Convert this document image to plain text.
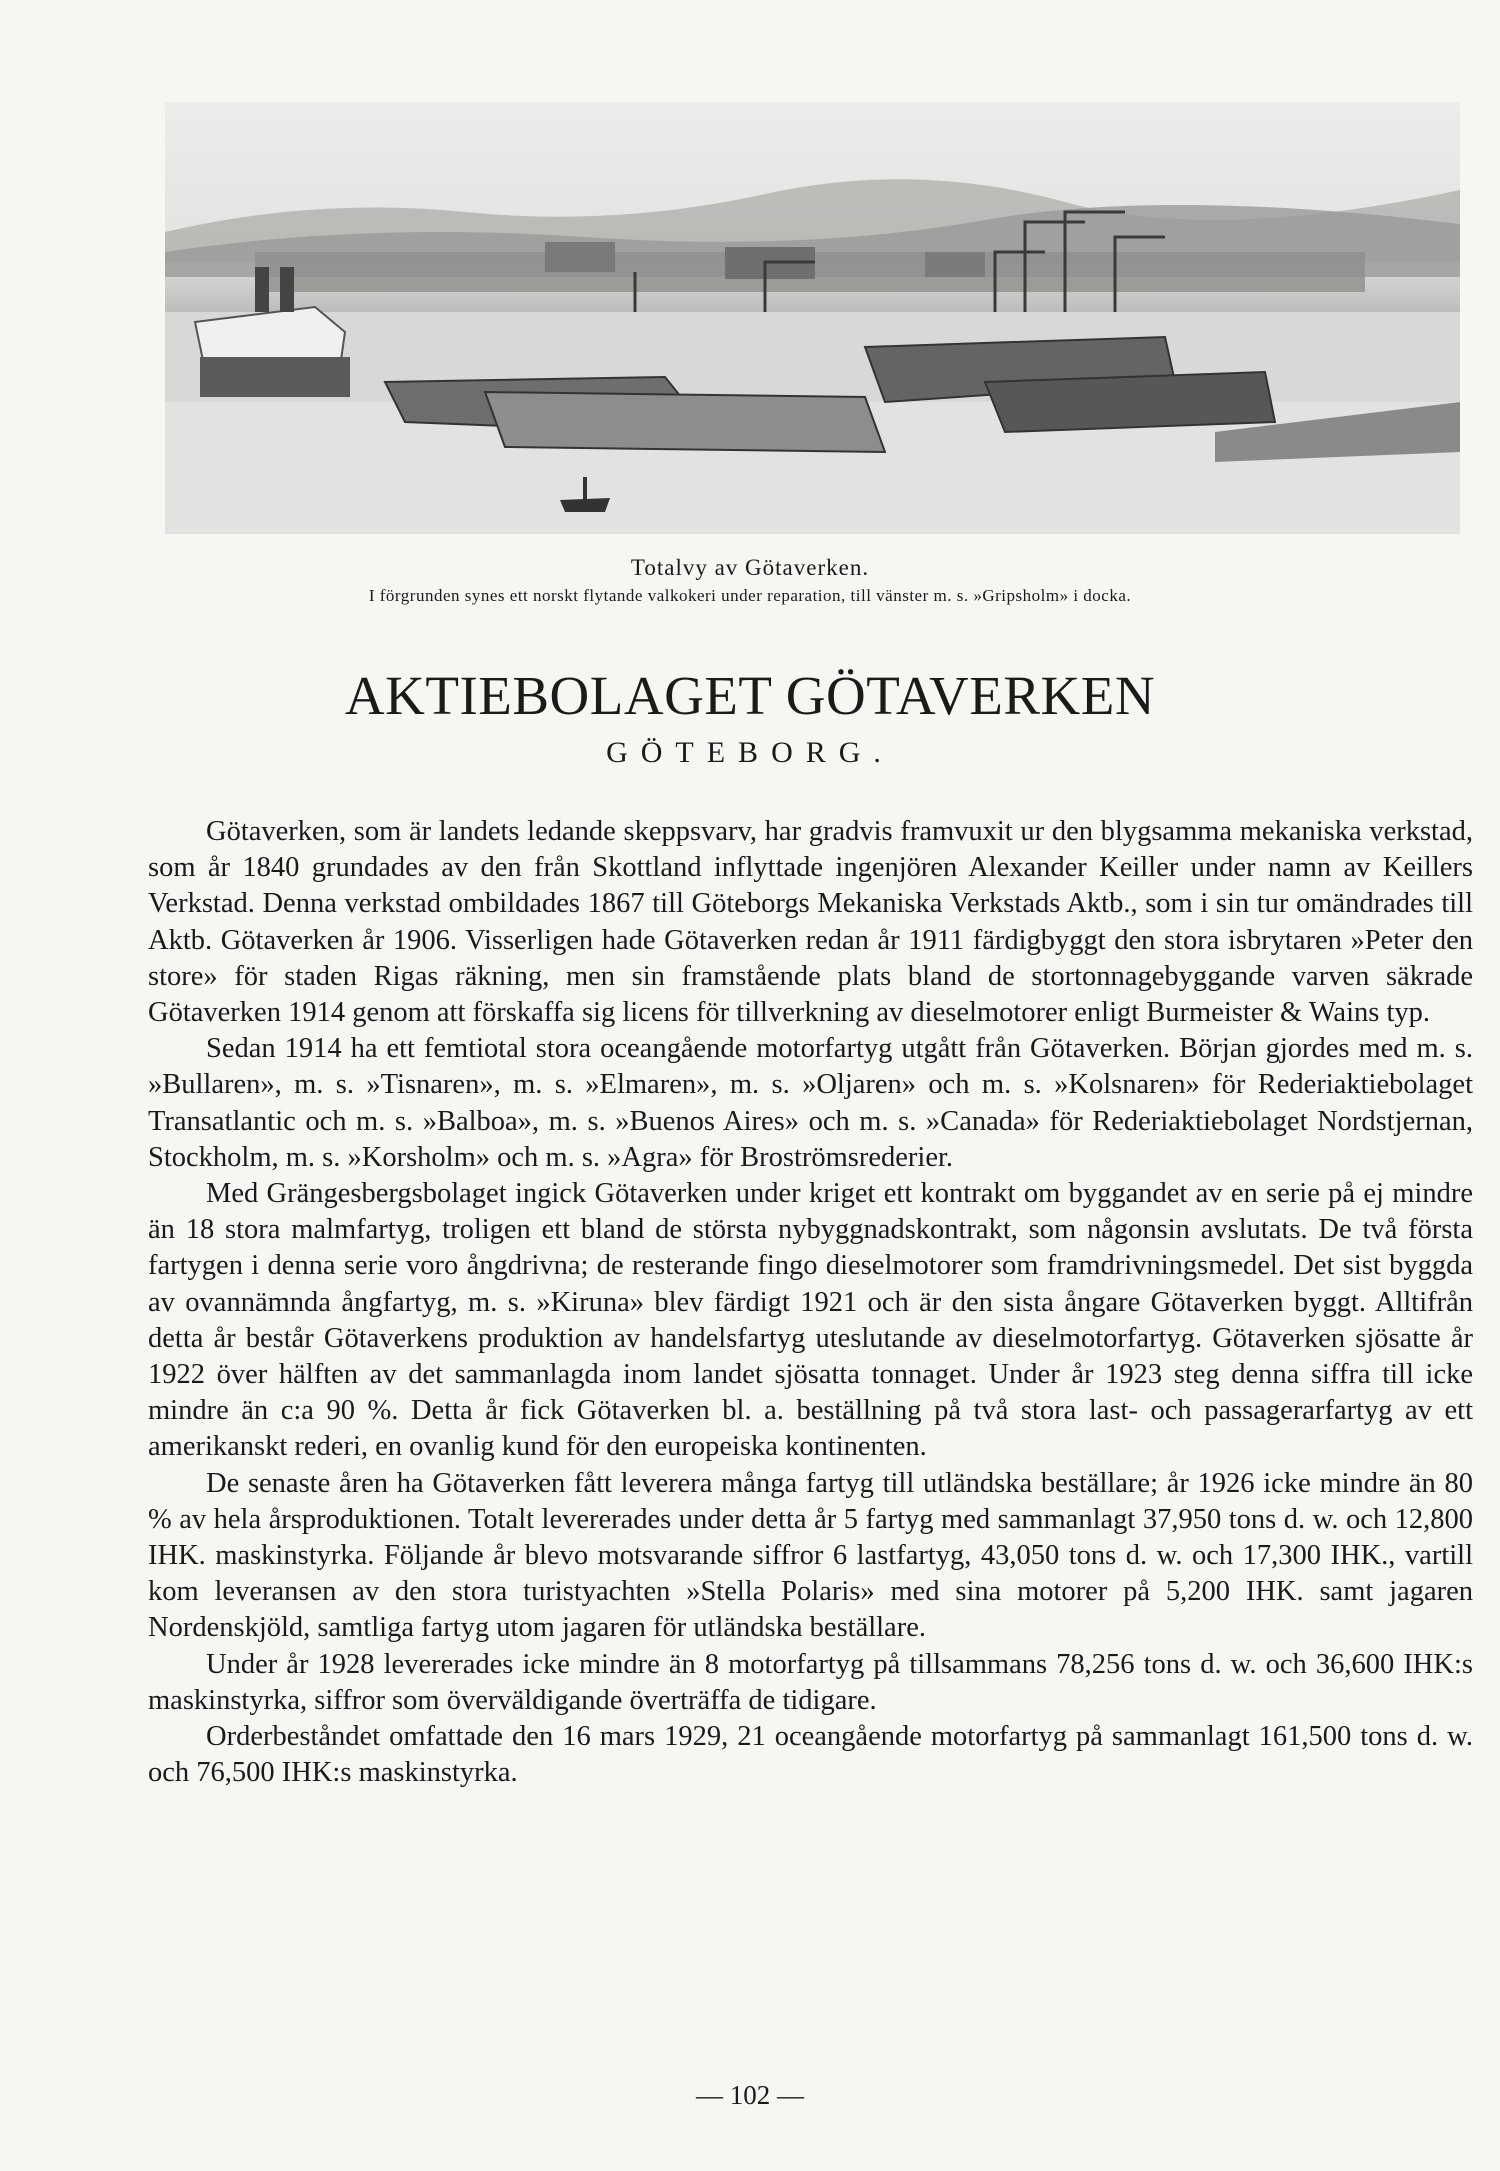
Totalvy av Götaverken.
I förgrunden synes ett norskt flytande valkokeri under reparation, till vänster m. s. »Gripsholm» i docka.
AKTIEBOLAGET GÖTAVERKEN
GÖTEBORG.

Götaverken, som är landets ledande skeppsvarv, har gradvis framvuxit ur den blygsamma mekaniska verkstad, som år 1840 grundades av den från Skottland inflyttade ingenjören Alexander Keiller under namn av Keillers Verkstad. Denna verkstad ombildades 1867 till Göteborgs Mekaniska Verkstads Aktb., som i sin tur omändrades till Aktb. Götaverken år 1906. Visserligen hade Götaverken redan år 1911 färdigbyggt den stora isbrytaren »Peter den store» för staden Rigas räkning, men sin framstående plats bland de stortonnagebyggande varven säkrade Götaverken 1914 genom att förskaffa sig licens för tillverkning av dieselmotorer enligt Burmeister & Wains typ.

Sedan 1914 ha ett femtiotal stora oceangående motorfartyg utgått från Götaverken. Början gjordes med m. s. »Bullaren», m. s. »Tisnaren», m. s. »Elmaren», m. s. »Oljaren» och m. s. »Kolsnaren» för Rederiaktiebolaget Transatlantic och m. s. »Balboa», m. s. »Buenos Aires» och m. s. »Canada» för Rederiaktiebolaget Nordstjernan, Stockholm, m. s. »Korsholm» och m. s. »Agra» för Broströmsrederier.

Med Grängesbergsbolaget ingick Götaverken under kriget ett kontrakt om byggandet av en serie på ej mindre än 18 stora malmfartyg, troligen ett bland de största nybyggnadskontrakt, som någonsin avslutats. De två första fartygen i denna serie voro ångdrivna; de resterande fingo dieselmotorer som framdrivningsmedel. Det sist byggda av ovannämnda ångfartyg, m. s. »Kiruna» blev färdigt 1921 och är den sista ångare Götaverken byggt. Alltifrån detta år består Götaverkens produktion av handelsfartyg uteslutande av dieselmotorfartyg. Götaverken sjösatte år 1922 över hälften av det sammanlagda inom landet sjösatta tonnaget. Under år 1923 steg denna siffra till icke mindre än c:a 90 %. Detta år fick Götaverken bl. a. beställning på två stora last- och passagerarfartyg av ett amerikanskt rederi, en ovanlig kund för den europeiska kontinenten.

De senaste åren ha Götaverken fått leverera många fartyg till utländska beställare; år 1926 icke mindre än 80 % av hela årsproduktionen. Totalt levererades under detta år 5 fartyg med sammanlagt 37,950 tons d. w. och 12,800 IHK. maskinstyrka. Följande år blevo motsvarande siffror 6 lastfartyg, 43,050 tons d. w. och 17,300 IHK., vartill kom leveransen av den stora turistyachten »Stella Polaris» med sina motorer på 5,200 IHK. samt jagaren Nordenskjöld, samtliga fartyg utom jagaren för utländska beställare.

Under år 1928 levererades icke mindre än 8 motorfartyg på tillsammans 78,256 tons d. w. och 36,600 IHK:s maskinstyrka, siffror som överväldigande överträffa de tidigare.

Orderbeståndet omfattade den 16 mars 1929, 21 oceangående motorfartyg på sammanlagt 161,500 tons d. w. och 76,500 IHK:s maskinstyrka.

— 102 —
